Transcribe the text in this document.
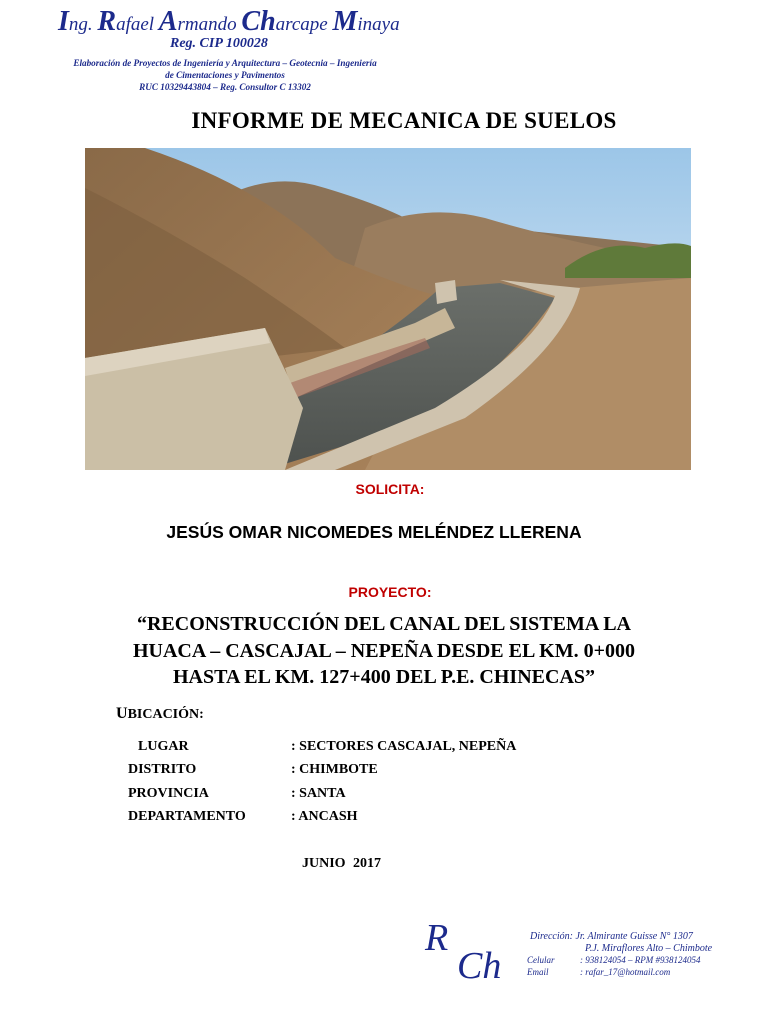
Ing. Rafael Armando Charcape Minaya
Reg. CIP 100028
Elaboración de Proyectos de Ingeniería y Arquitectura – Geotecnia – Ingeniería
de Cimentaciones y Pavimentos
RUC 10329443804 – Reg. Consultor C 13302
INFORME DE MECANICA DE SUELOS
SOLICITA:
JESÚS OMAR NICOMEDES MELÉNDEZ LLERENA
PROYECTO:
“RECONSTRUCCIÓN DEL CANAL DEL SISTEMA LA
HUACA – CASCAJAL – NEPEÑA DESDE EL KM. 0+000
HASTA EL KM. 127+400 DEL P.E. CHINECAS”
UBICACIÓN:
LUGAR	: SECTORES CASCAJAL, NEPEÑA
DISTRITO	: CHIMBOTE
PROVINCIA	: SANTA
DEPARTAMENTO	: ANCASH
JUNIO 2017
R
Ch
Dirección: Jr. Almirante Guisse N° 1307
P.J. Miraflores Alto – Chimbote
Celular	: 938124054 – RPM #938124054
Email	: rafar_17@hotmail.com
